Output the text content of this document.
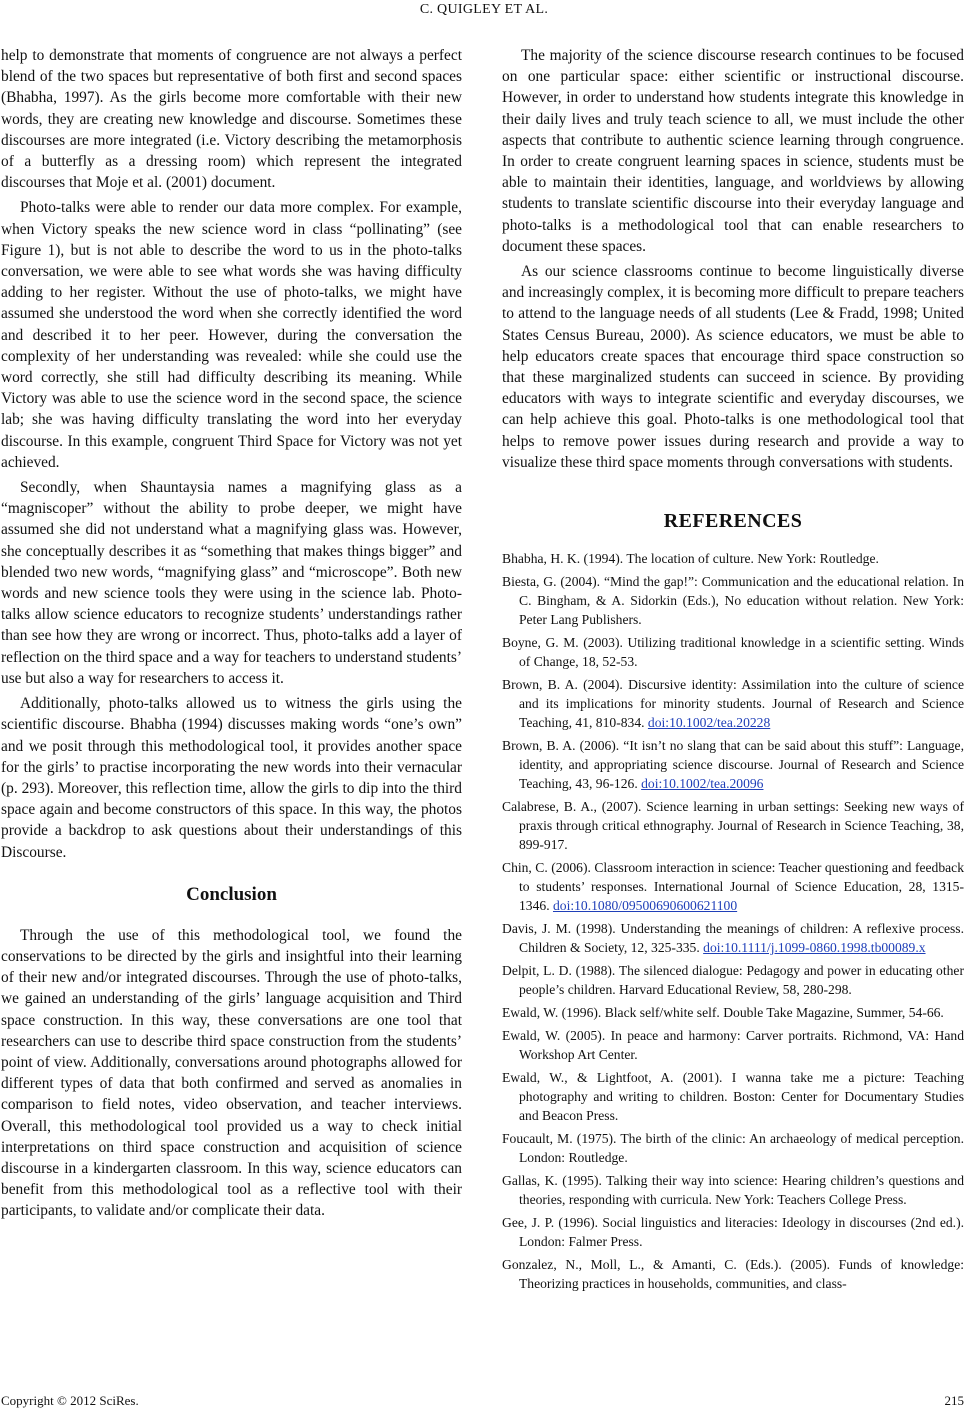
C. QUIGLEY ET AL.

help to demonstrate that moments of congruence are not always a perfect blend of the two spaces but representative of both first and second spaces (Bhabha, 1997). As the girls become more comfortable with their new words, they are creating new knowledge and discourse. Sometimes these discourses are more integrated (i.e. Victory describing the metamorphosis of a butterfly as a dressing room) which represent the integrated discourses that Moje et al. (2001) document.

Photo-talks were able to render our data more complex. For example, when Victory speaks the new science word in class “pollinating” (see Figure 1), but is not able to describe the word to us in the photo-talks conversation, we were able to see what words she was having difficulty adding to her register. Without the use of photo-talks, we might have assumed she understood the word when she correctly identified the word and described it to her peer. However, during the conversation the complexity of her understanding was revealed: while she could use the word correctly, she still had difficulty describing its meaning. While Victory was able to use the science word in the second space, the science lab; she was having difficulty translating the word into her everyday discourse. In this example, congruent Third Space for Victory was not yet achieved.

Secondly, when Shauntaysia names a magnifying glass as a “magniscoper” without the ability to probe deeper, we might have assumed she did not understand what a magnifying glass was. However, she conceptually describes it as “something that makes things bigger” and blended two new words, “magnifying glass” and “microscope”. Both new words and new science tools they were using in the science lab. Photo-talks allow science educators to recognize students’ understandings rather than see how they are wrong or incorrect. Thus, photo-talks add a layer of reflection on the third space and a way for teachers to understand students’ use but also a way for researchers to access it.

Additionally, photo-talks allowed us to witness the girls using the scientific discourse. Bhabha (1994) discusses making words “one’s own” and we posit through this methodological tool, it provides another space for the girls’ to practise incorporating the new words into their vernacular (p. 293). Moreover, this reflection time, allow the girls to dip into the third space again and become constructors of this space. In this way, the photos provide a backdrop to ask questions about their understandings of this Discourse.

Conclusion

Through the use of this methodological tool, we found the conservations to be directed by the girls and insightful into their learning of their new and/or integrated discourses. Through the use of photo-talks, we gained an understanding of the girls’ language acquisition and Third space construction. In this way, these conversations are one tool that researchers can use to describe third space construction from the students’ point of view. Additionally, conversations around photographs allowed for different types of data that both confirmed and served as anomalies in comparison to field notes, video observation, and teacher interviews. Overall, this methodological tool provided us a way to check initial interpretations on third space construction and acquisition of science discourse in a kindergarten classroom. In this way, science educators can benefit from this methodological tool as a reflective tool with their participants, to validate and/or complicate their data.

The majority of the science discourse research continues to be focused on one particular space: either scientific or instructional discourse. However, in order to understand how students integrate this knowledge in their daily lives and truly teach science to all, we must include the other aspects that contribute to authentic science learning through congruence. In order to create congruent learning spaces in science, students must be able to maintain their identities, language, and worldviews by allowing students to translate scientific discourse into their everyday language and photo-talks is a methodological tool that can enable researchers to document these spaces.

As our science classrooms continue to become linguistically diverse and increasingly complex, it is becoming more difficult to prepare teachers to attend to the language needs of all students (Lee & Fradd, 1998; United States Census Bureau, 2000). As science educators, we must be able to help educators create spaces that encourage third space construction so that these marginalized students can succeed in science. By providing educators with ways to integrate scientific and everyday discourses, we can help achieve this goal. Photo-talks is one methodological tool that helps to remove power issues during research and provide a way to visualize these third space moments through conversations with students.

REFERENCES
Bhabha, H. K. (1994). The location of culture. New York: Routledge.
Biesta, G. (2004). “Mind the gap!”: Communication and the educational relation. In C. Bingham, & A. Sidorkin (Eds.), No education without relation. New York: Peter Lang Publishers.
Boyne, G. M. (2003). Utilizing traditional knowledge in a scientific setting. Winds of Change, 18, 52-53.
Brown, B. A. (2004). Discursive identity: Assimilation into the culture of science and its implications for minority students. Journal of Research and Science Teaching, 41, 810-834. doi:10.1002/tea.20228
Brown, B. A. (2006). “It isn’t no slang that can be said about this stuff”: Language, identity, and appropriating science discourse. Journal of Research and Science Teaching, 43, 96-126. doi:10.1002/tea.20096
Calabrese, B. A., (2007). Science learning in urban settings: Seeking new ways of praxis through critical ethnography. Journal of Research in Science Teaching, 38, 899-917.
Chin, C. (2006). Classroom interaction in science: Teacher questioning and feedback to students’ responses. International Journal of Science Education, 28, 1315-1346. doi:10.1080/09500690600621100
Davis, J. M. (1998). Understanding the meanings of children: A reflexive process. Children & Society, 12, 325-335. doi:10.1111/j.1099-0860.1998.tb00089.x
Delpit, L. D. (1988). The silenced dialogue: Pedagogy and power in educating other people’s children. Harvard Educational Review, 58, 280-298.
Ewald, W. (1996). Black self/white self. Double Take Magazine, Summer, 54-66.
Ewald, W. (2005). In peace and harmony: Carver portraits. Richmond, VA: Hand Workshop Art Center.
Ewald, W., & Lightfoot, A. (2001). I wanna take me a picture: Teaching photography and writing to children. Boston: Center for Documentary Studies and Beacon Press.
Foucault, M. (1975). The birth of the clinic: An archaeology of medical perception. London: Routledge.
Gallas, K. (1995). Talking their way into science: Hearing children’s questions and theories, responding with curricula. New York: Teachers College Press.
Gee, J. P. (1996). Social linguistics and literacies: Ideology in discourses (2nd ed.). London: Falmer Press.
Gonzalez, N., Moll, L., & Amanti, C. (Eds.). (2005). Funds of knowledge: Theorizing practices in households, communities, and class-
Copyright © 2012 SciRes.	215
